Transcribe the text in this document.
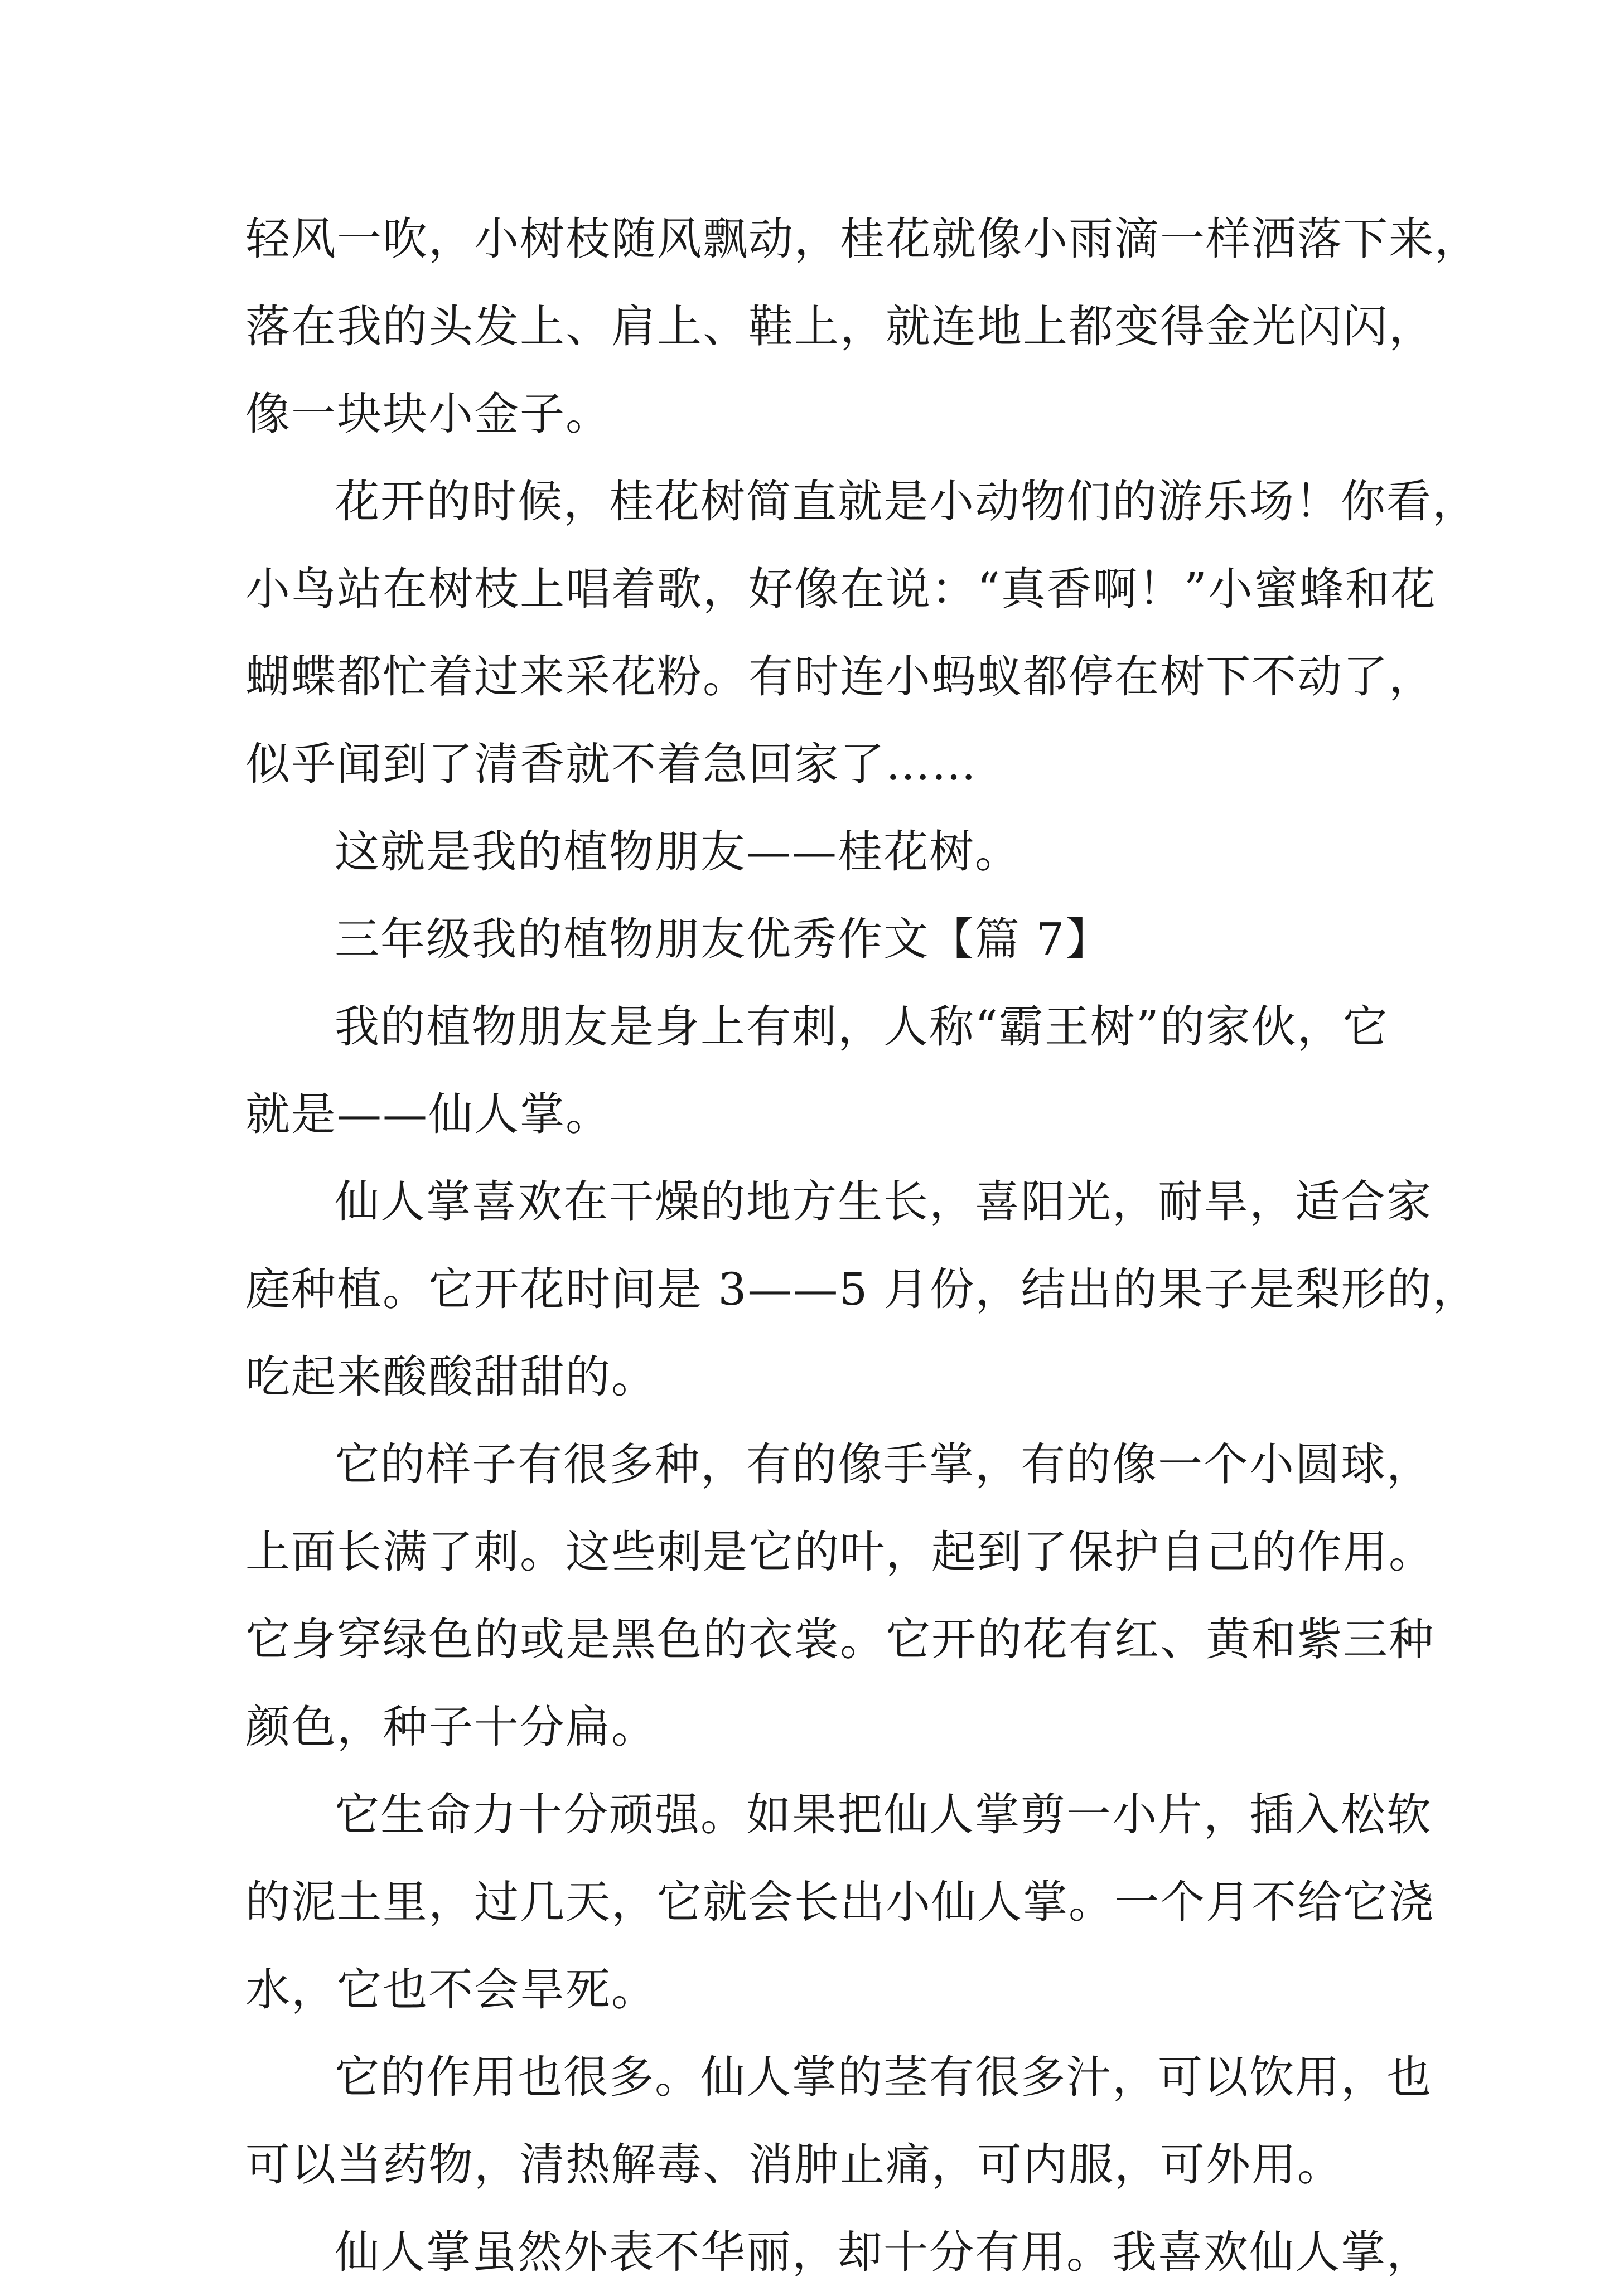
轻风一吹，小树枝随风飘动，桂花就像小雨滴一样洒落下来，
落在我的头发上、肩上、鞋上，就连地上都变得金光闪闪，
像一块块小金子。
花开的时候，桂花树简直就是小动物们的游乐场！你看，
小鸟站在树枝上唱着歌，好像在说：“真香啊！”小蜜蜂和花
蝴蝶都忙着过来采花粉。有时连小蚂蚁都停在树下不动了，
似乎闻到了清香就不着急回家了……
这就是我的植物朋友——桂花树。
三年级我的植物朋友优秀作文【篇 7】
我的植物朋友是身上有刺，人称“霸王树”的家伙，它
就是——仙人掌。
仙人掌喜欢在干燥的地方生长，喜阳光，耐旱，适合家
庭种植。它开花时间是 3——5 月份，结出的果子是梨形的，
吃起来酸酸甜甜的。
它的样子有很多种，有的像手掌，有的像一个小圆球，
上面长满了刺。这些刺是它的叶，起到了保护自己的作用。
它身穿绿色的或是黑色的衣裳。它开的花有红、黄和紫三种
颜色，种子十分扁。
它生命力十分顽强。如果把仙人掌剪一小片，插入松软
的泥土里，过几天，它就会长出小仙人掌。一个月不给它浇
水，它也不会旱死。
它的作用也很多。仙人掌的茎有很多汁，可以饮用，也
可以当药物，清热解毒、消肿止痛，可内服，可外用。
仙人掌虽然外表不华丽，却十分有用。我喜欢仙人掌，
